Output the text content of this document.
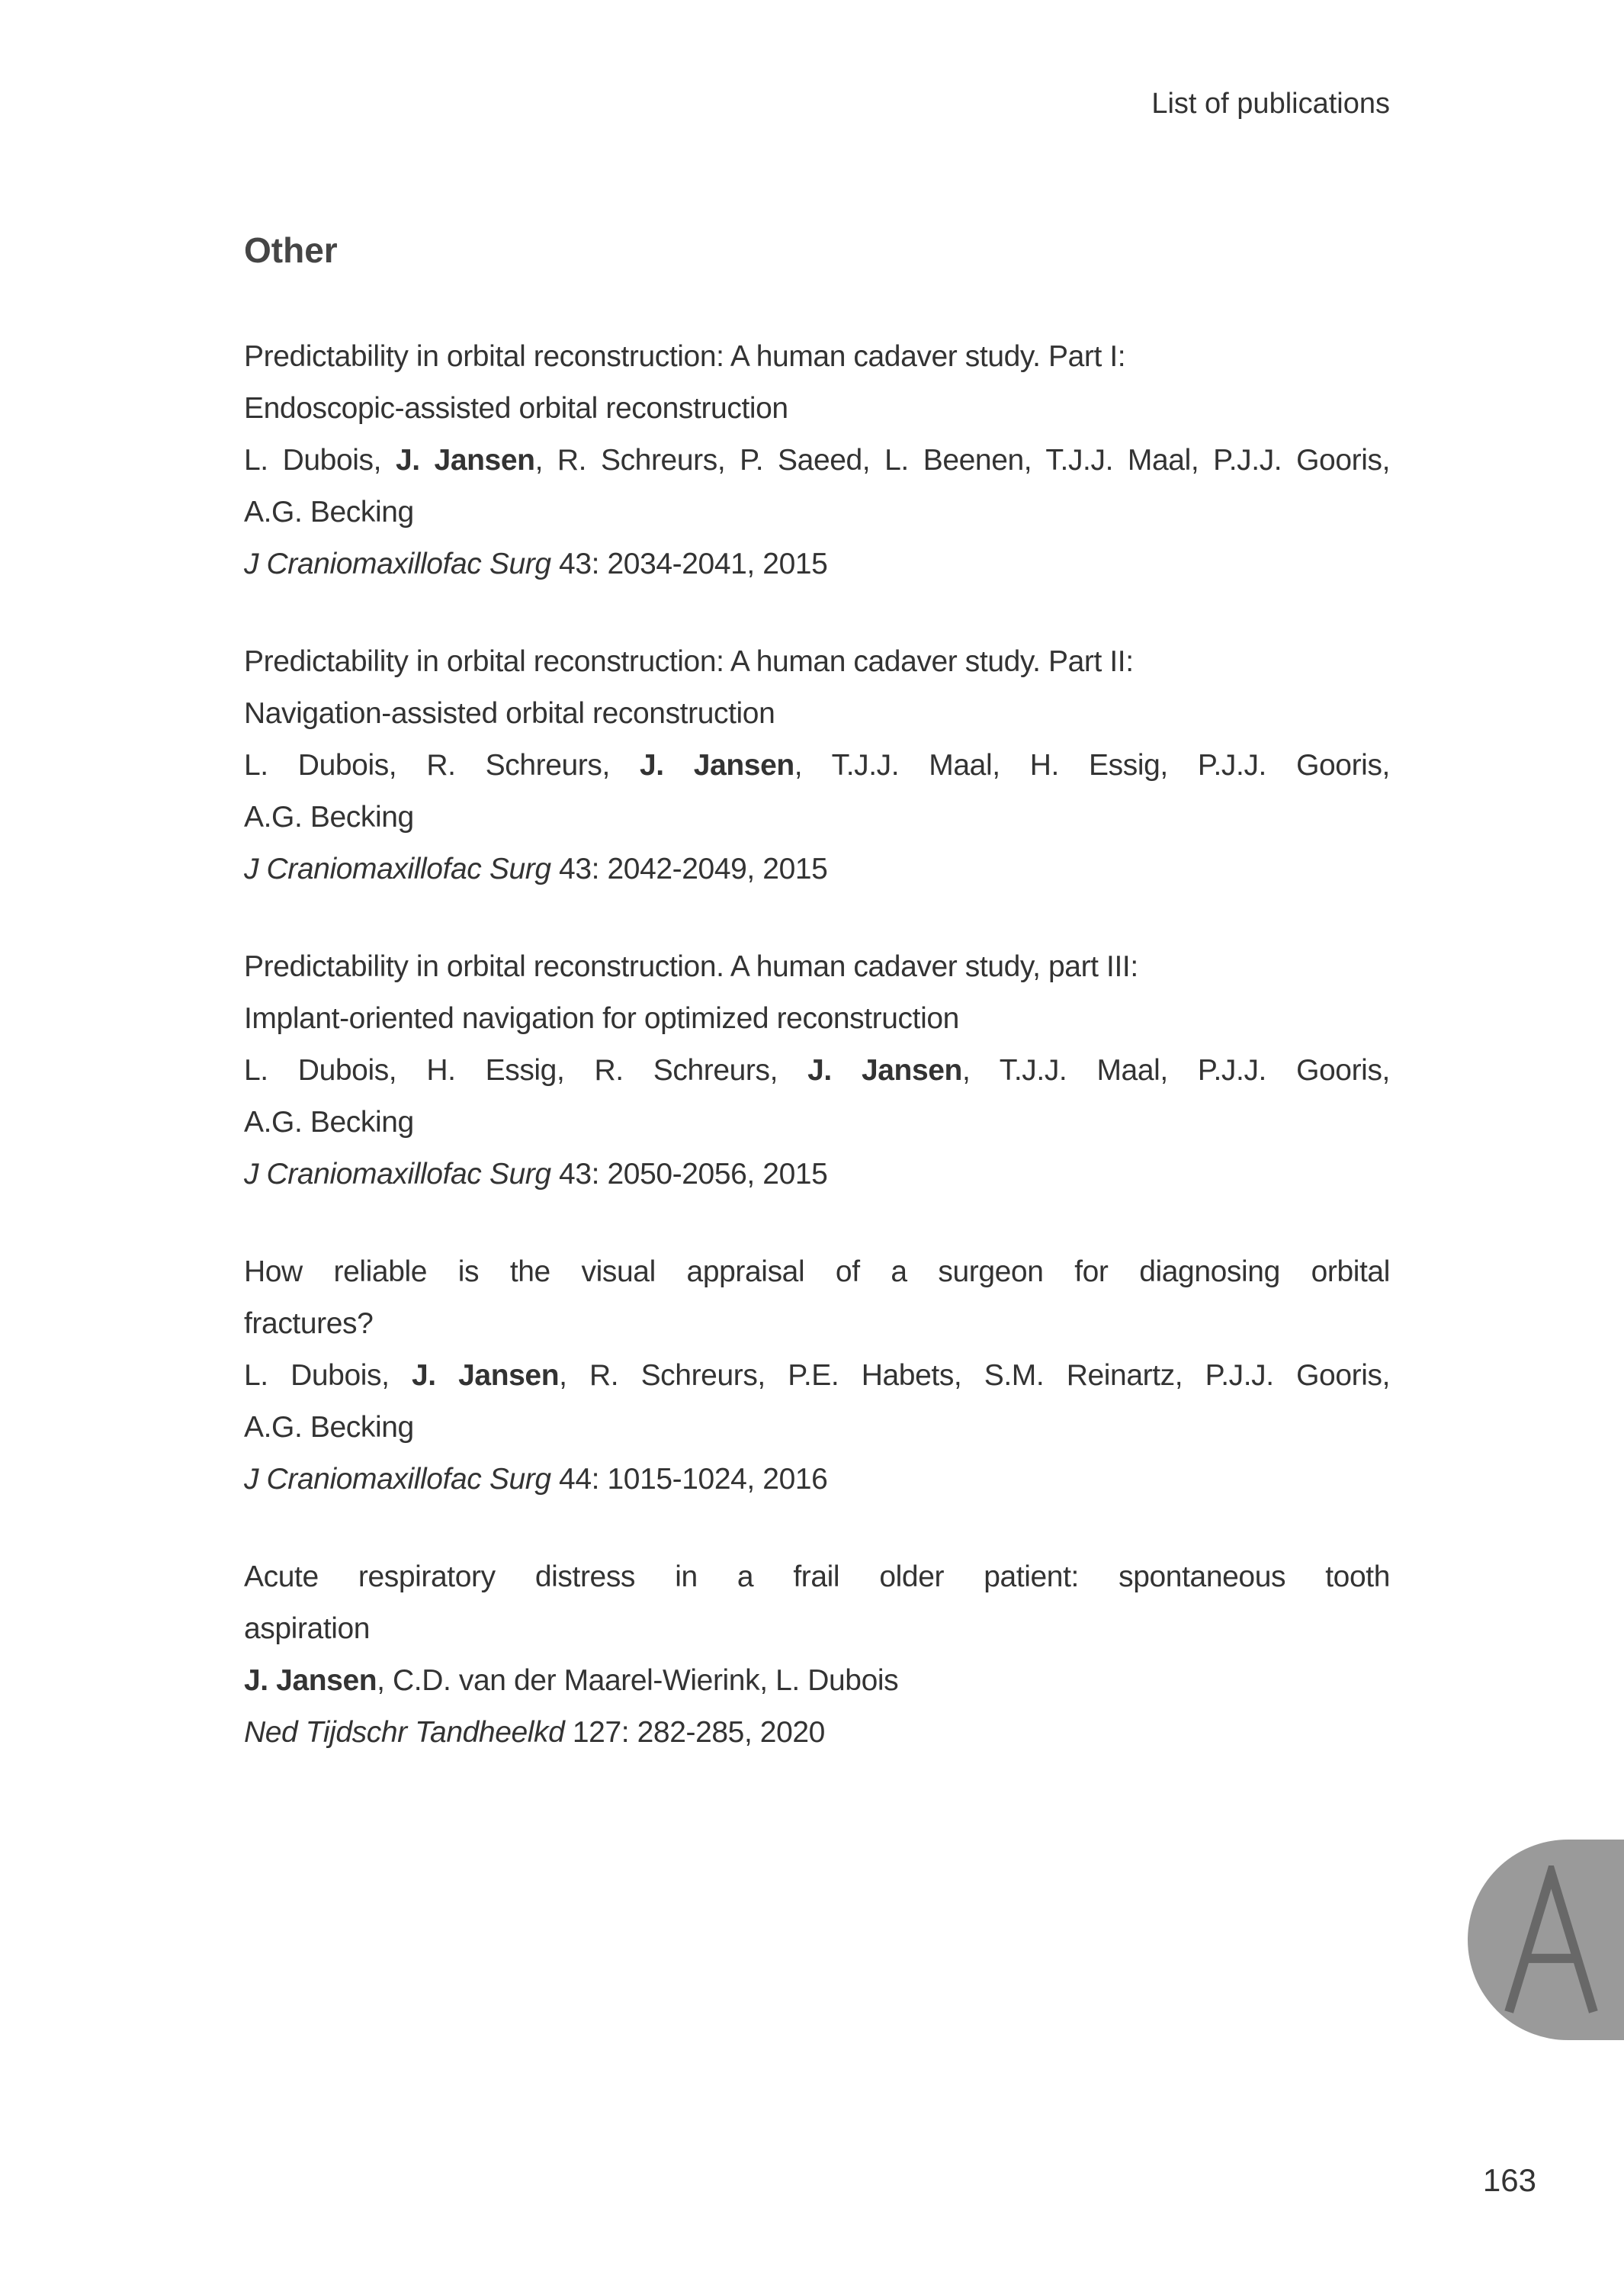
List of publications
Other
Predictability in orbital reconstruction: A human cadaver study. Part I:
Endoscopic-assisted orbital reconstruction
L. Dubois, J. Jansen, R. Schreurs, P. Saeed, L. Beenen, T.J.J. Maal, P.J.J. Gooris,
A.G. Becking
J Craniomaxillofac Surg 43: 2034-2041, 2015
Predictability in orbital reconstruction: A human cadaver study. Part II:
Navigation-assisted orbital reconstruction
L. Dubois, R. Schreurs, J. Jansen, T.J.J. Maal, H. Essig, P.J.J. Gooris,
A.G. Becking
J Craniomaxillofac Surg 43: 2042-2049, 2015
Predictability in orbital reconstruction. A human cadaver study, part III:
Implant-oriented navigation for optimized reconstruction
L. Dubois, H. Essig, R. Schreurs, J. Jansen, T.J.J. Maal, P.J.J. Gooris,
A.G. Becking
J Craniomaxillofac Surg 43: 2050-2056, 2015
How reliable is the visual appraisal of a surgeon for diagnosing orbital
fractures?
L. Dubois, J. Jansen, R. Schreurs, P.E. Habets, S.M. Reinartz, P.J.J. Gooris,
A.G. Becking
J Craniomaxillofac Surg 44: 1015-1024, 2016
Acute respiratory distress in a frail older patient: spontaneous tooth
aspiration
J. Jansen, C.D. van der Maarel-Wierink, L. Dubois
Ned Tijdschr Tandheelkd 127: 282-285, 2020
163
